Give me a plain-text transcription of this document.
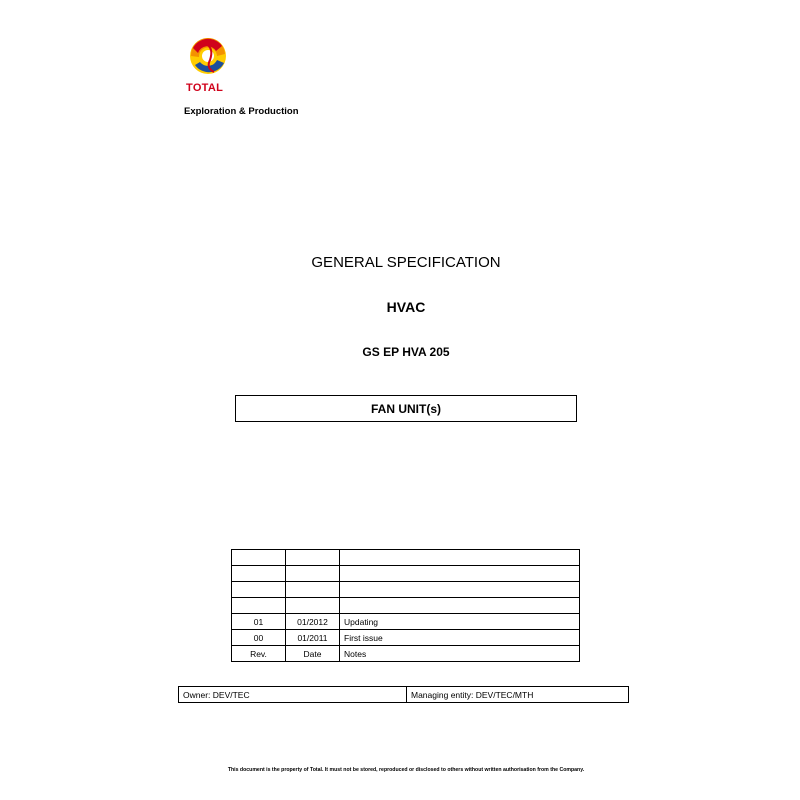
TOTAL
Exploration & Production
GENERAL SPECIFICATION
HVAC
GS EP HVA 205
FAN UNIT(s)

01	01/2012	Updating
00	01/2011	First issue
Rev.	Date	Notes
Owner: DEV/TEC	Managing entity: DEV/TEC/MTH
This document is the property of Total. It must not be stored, reproduced or disclosed to others without written authorisation from the Company.
